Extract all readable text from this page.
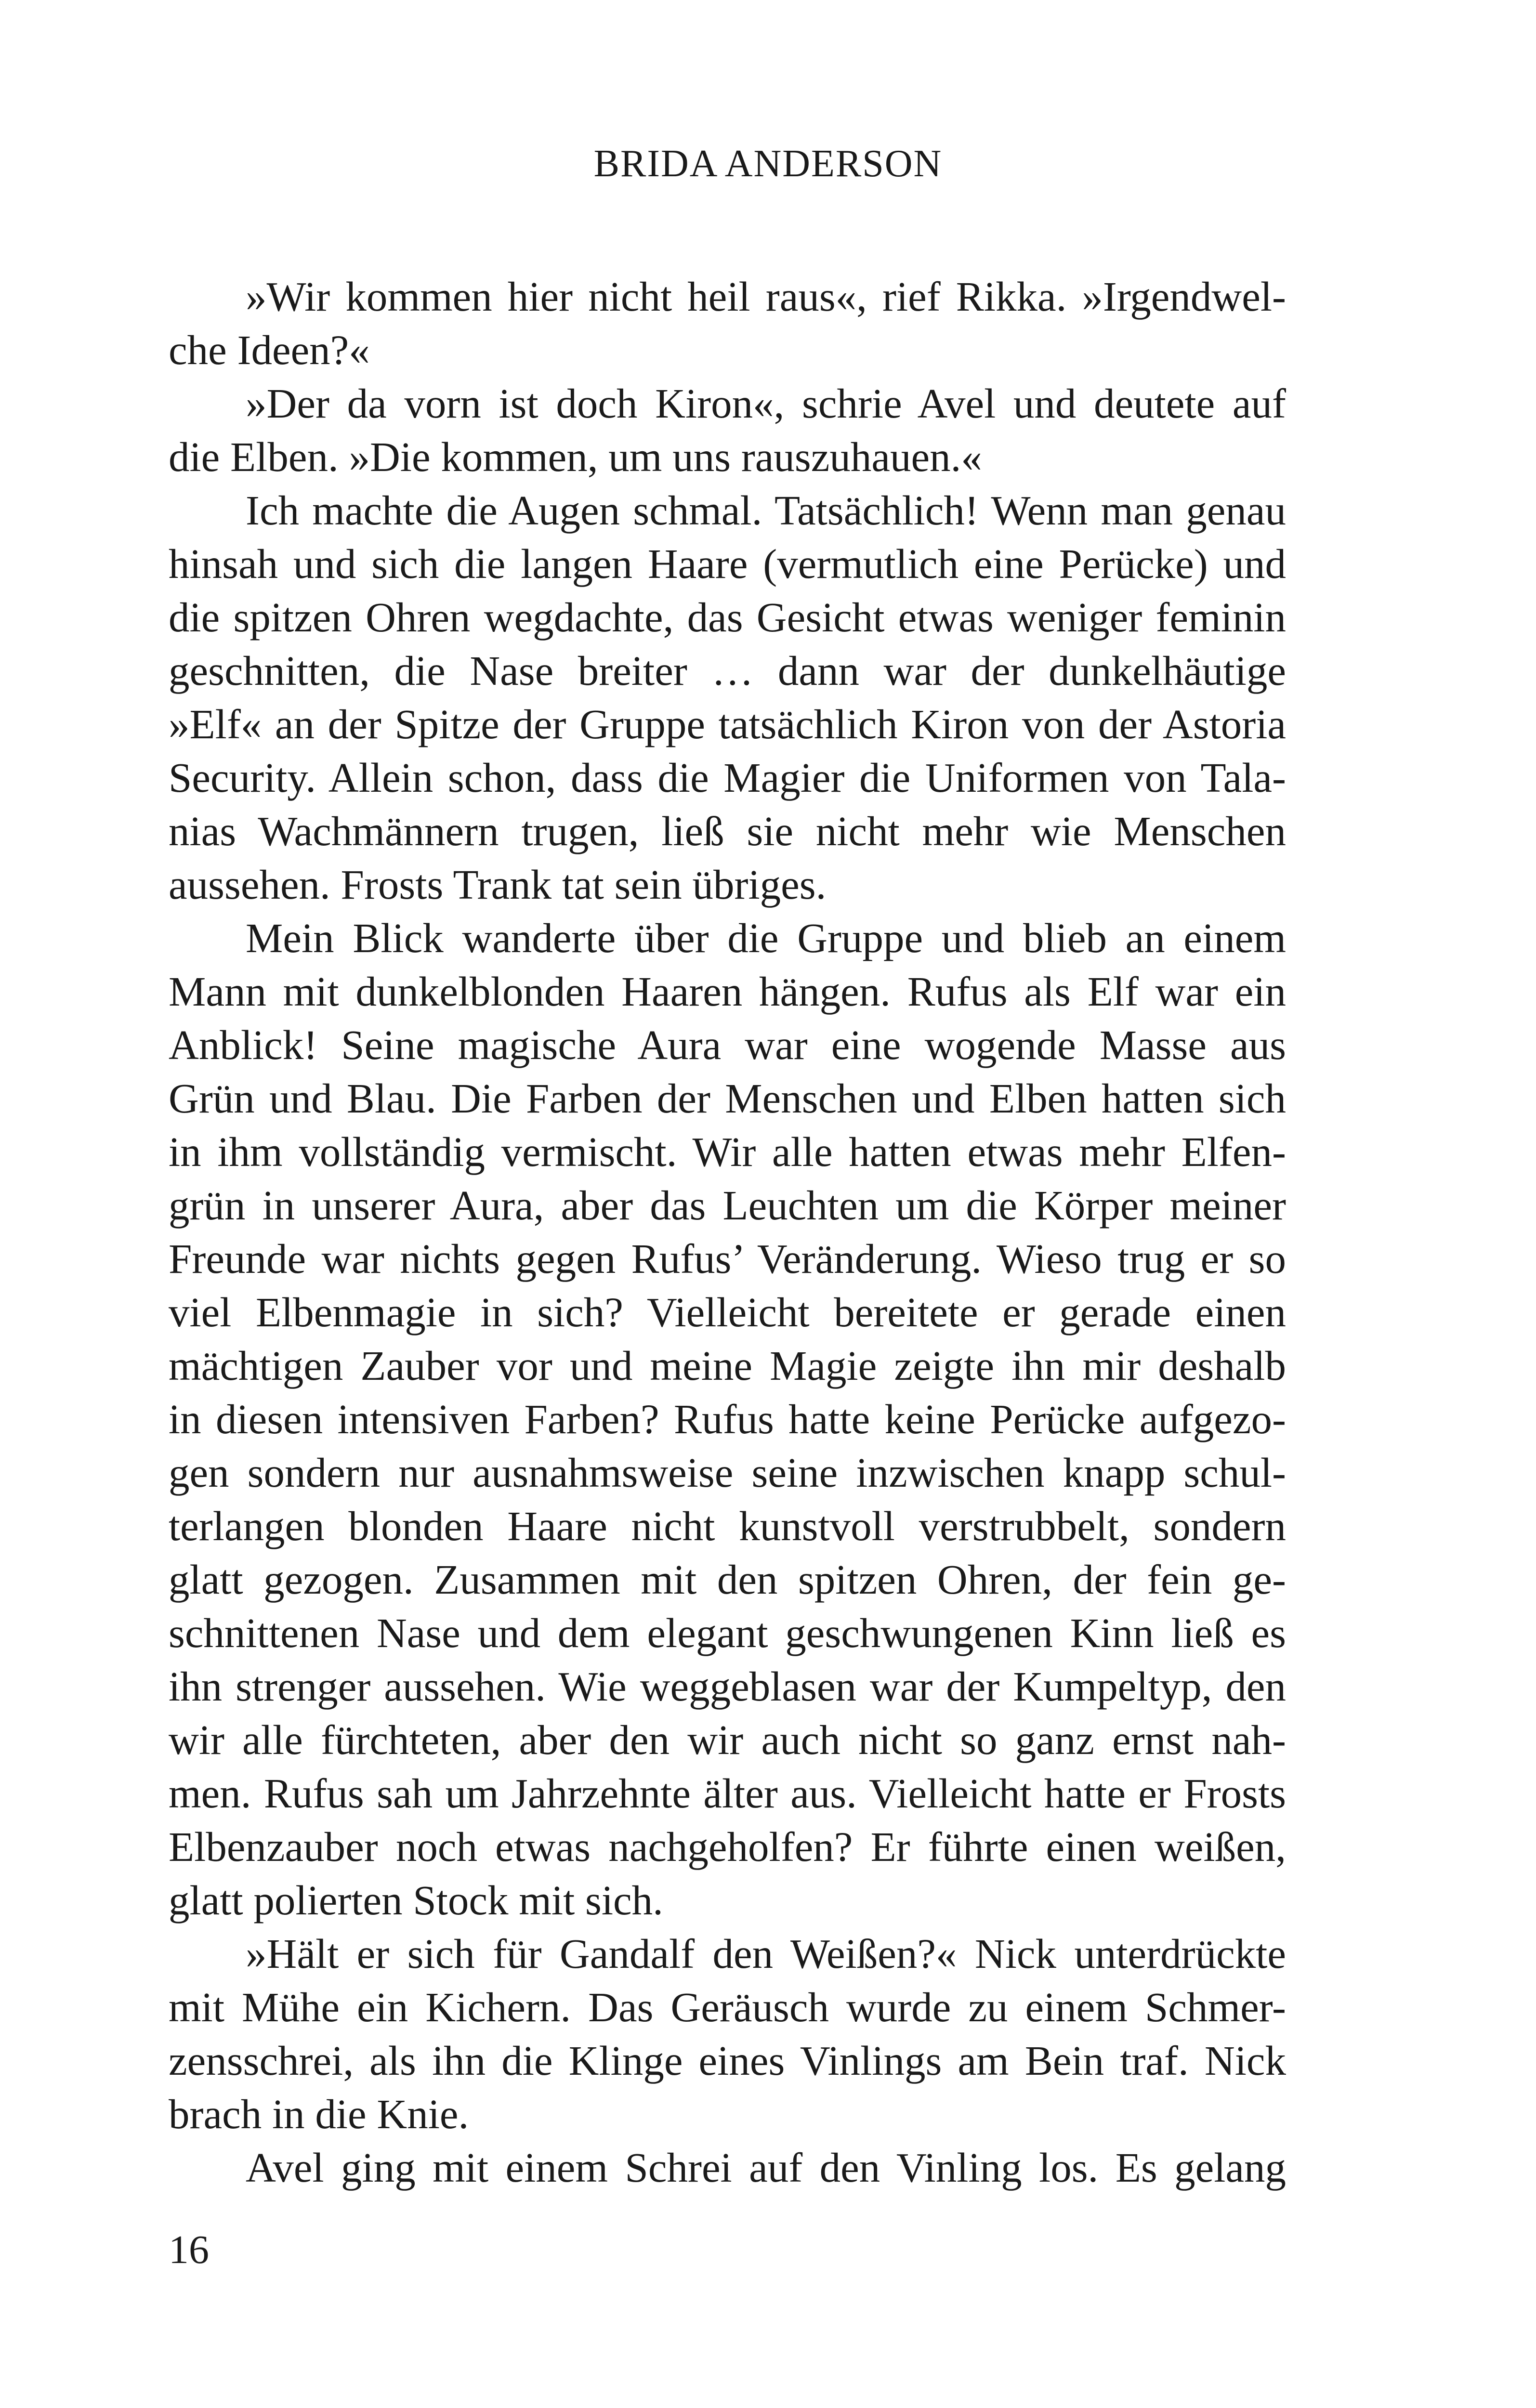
BRIDA ANDERSON
»Wir kommen hier nicht heil raus«, rief Rikka. »Irgendwel-
che Ideen?«
»Der da vorn ist doch Kiron«, schrie Avel und deutete auf
die Elben. »Die kommen, um uns rauszuhauen.«
Ich machte die Augen schmal. Tatsächlich! Wenn man genau
hinsah und sich die langen Haare (vermutlich eine Perücke) und
die spitzen Ohren wegdachte, das Gesicht etwas weniger feminin
geschnitten, die Nase breiter … dann war der dunkelhäutige
»Elf« an der Spitze der Gruppe tatsächlich Kiron von der Astoria
Security. Allein schon, dass die Magier die Uniformen von Tala-
nias Wachmännern trugen, ließ sie nicht mehr wie Menschen
aussehen. Frosts Trank tat sein übriges.
Mein Blick wanderte über die Gruppe und blieb an einem
Mann mit dunkelblonden Haaren hängen. Rufus als Elf war ein
Anblick! Seine magische Aura war eine wogende Masse aus
Grün und Blau. Die Farben der Menschen und Elben hatten sich
in ihm vollständig vermischt. Wir alle hatten etwas mehr Elfen-
grün in unserer Aura, aber das Leuchten um die Körper meiner
Freunde war nichts gegen Rufus’ Veränderung. Wieso trug er so
viel Elbenmagie in sich? Vielleicht bereitete er gerade einen
mächtigen Zauber vor und meine Magie zeigte ihn mir deshalb
in diesen intensiven Farben? Rufus hatte keine Perücke aufgezo-
gen sondern nur ausnahmsweise seine inzwischen knapp schul-
terlangen blonden Haare nicht kunstvoll verstrubbelt, sondern
glatt gezogen. Zusammen mit den spitzen Ohren, der fein ge-
schnittenen Nase und dem elegant geschwungenen Kinn ließ es
ihn strenger aussehen. Wie weggeblasen war der Kumpeltyp, den
wir alle fürchteten, aber den wir auch nicht so ganz ernst nah-
men. Rufus sah um Jahrzehnte älter aus. Vielleicht hatte er Frosts
Elbenzauber noch etwas nachgeholfen? Er führte einen weißen,
glatt polierten Stock mit sich.
»Hält er sich für Gandalf den Weißen?« Nick unterdrückte
mit Mühe ein Kichern. Das Geräusch wurde zu einem Schmer-
zensschrei, als ihn die Klinge eines Vinlings am Bein traf. Nick
brach in die Knie.
Avel ging mit einem Schrei auf den Vinling los. Es gelang
16
